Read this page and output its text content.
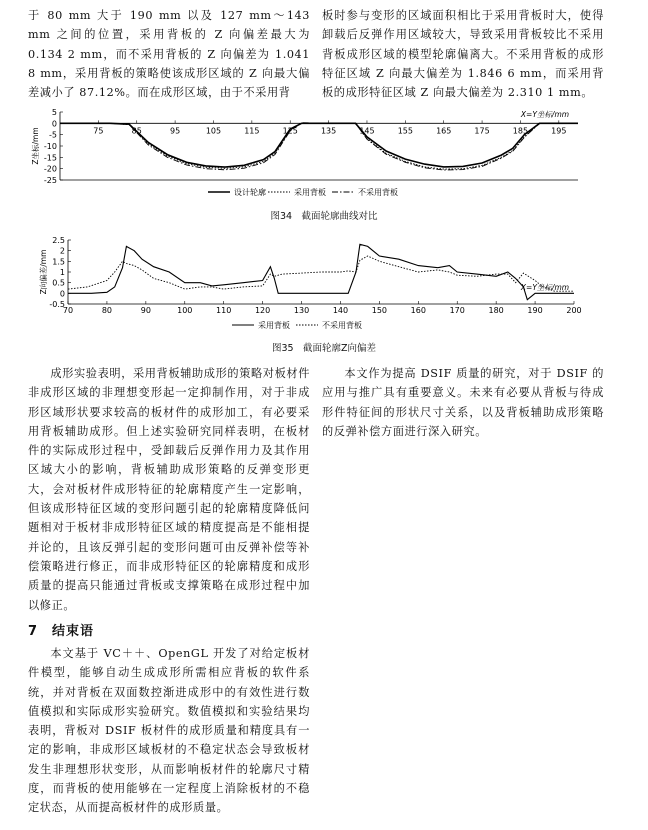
于 80 mm 大于 190 mm 以及 127 mm～143 mm 之间的位置，采用背板的 Z 向偏差最大为 0.134 2 mm，而不采用背板的 Z 向偏差为 1.041 8 mm，采用背板的策略使该成形区域的 Z 向最大偏差减小了 87.12%。而在成形区域，由于不采用背

板时参与变形的区域面积相比于采用背板时大，使得卸载后反弹作用区域较大，导致采用背板较比不采用背板成形区域的模型轮廓偏离大。不采用背板的成形特征区域 Z 向最大偏差为 1.846 6 mm，而采用背板的成形特征区域 Z 向最大偏差为 2.310 1 mm。

75	85	95	105	115	125	135	145	155	165	175	185	195
5
0
-5
-10
-15
-20
-25
Z坐标/mm
X=Y坐标/mm
设计轮廓	采用背板	不采用背板
图34　截面轮廓曲线对比
70	80	90	100	110	120	130	140	150	160	170	180	190	200
2.5
2
1.5
1
0.5
0
-0.5
Z向偏差/mm	X=Y坐标/mm
采用背板	不采用背板
图35　截面轮廓Z向偏差

成形实验表明，采用背板辅助成形的策略对板材件非成形区域的非理想变形起一定抑制作用，对于非成形区域形状要求较高的板材件的成形加工，有必要采用背板辅助成形。但上述实验研究同样表明，在板材件的实际成形过程中，受卸载后反弹作用力及其作用区域大小的影响，背板辅助成形策略的反弹变形更大，会对板材件成形特征的轮廓精度产生一定影响，但该成形特征区域的变形问题引起的轮廓精度降低问题相对于板材非成形特征区域的精度提高是不能相提并论的，且该反弹引起的变形问题可由反弹补偿等补偿策略进行修正，而非成形特征区的轮廓精度和成形质量的提高只能通过背板或支撑策略在成形过程中加以修正。

本文作为提高 DSIF 质量的研究，对于 DSIF 的应用与推广具有重要意义。未来有必要从背板与待成形件特征间的形状尺寸关系，以及背板辅助成形策略的反弹补偿方面进行深入研究。

7　结束语

本文基于 VC＋＋、OpenGL 开发了对给定板材件模型，能够自动生成成形所需相应背板的软件系统，并对背板在双面数控渐进成形中的有效性进行数值模拟和实际成形实验研究。数值模拟和实验结果均表明，背板对 DSIF 板材件的成形质量和精度具有一定的影响，非成形区域板材的不稳定状态会导致板材发生非理想形状变形，从而影响板材件的轮廓尺寸精度，而背板的使用能够在一定程度上消除板材的不稳定状态，从而提高板材件的成形质量。
